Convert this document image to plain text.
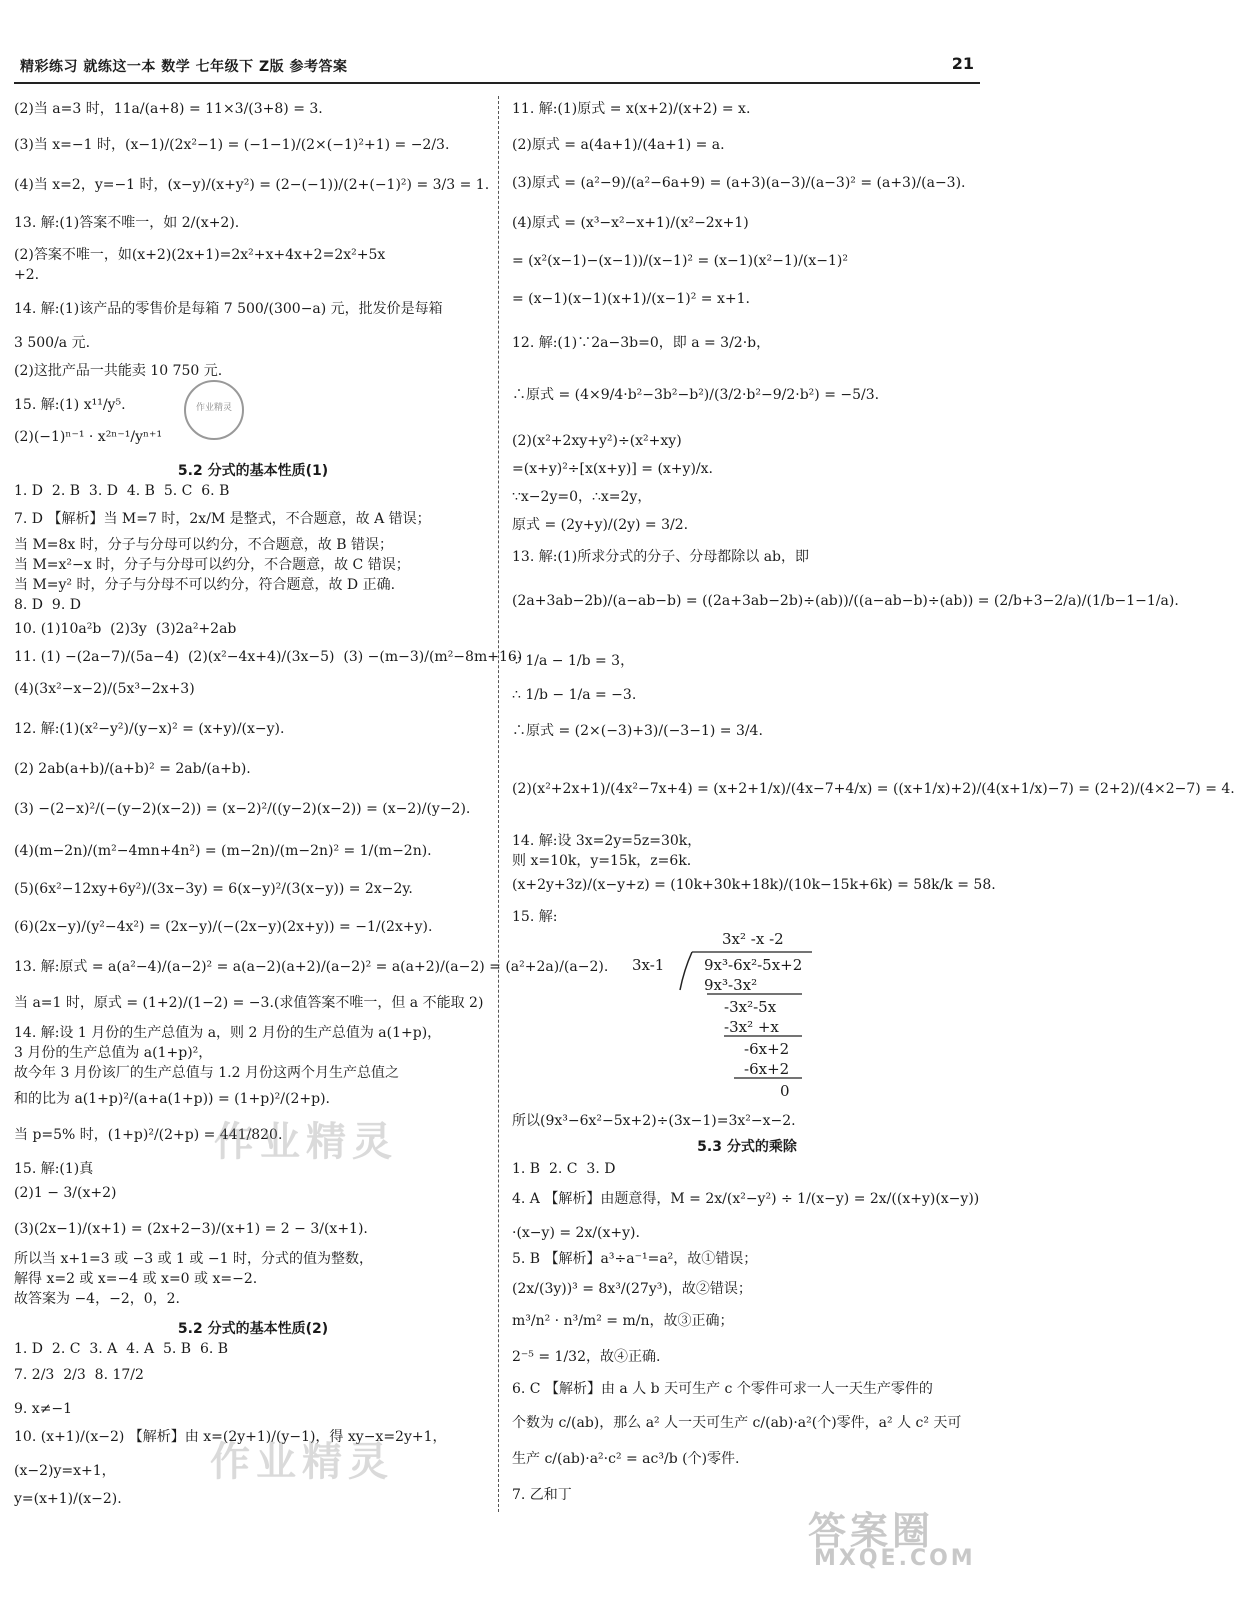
精彩练习 就练这一本 数学 七年级下 Z版 参考答案	21
(2)当 a=3 时，11a/(a+8) = 11×3/(3+8) = 3.
(3)当 x=−1 时，(x−1)/(2x²−1) = (−1−1)/(2×(−1)²+1) = −2/3.
(4)当 x=2，y=−1 时，(x−y)/(x+y²) = (2−(−1))/(2+(−1)²) = 3/3 = 1.
13. 解:(1)答案不唯一，如 2/(x+2).
(2)答案不唯一，如(x+2)(2x+1)=2x²+x+4x+2=2x²+5x
+2.
14. 解:(1)该产品的零售价是每箱 7 500/(300−a) 元，批发价是每箱
3 500/a 元.
(2)这批产品一共能卖 10 750 元.
15. 解:(1) x¹¹/y⁵.
(2)(−1)ⁿ⁻¹ · x²ⁿ⁻¹/yⁿ⁺¹
5.2 分式的基本性质(1)
1. D  2. B  3. D  4. B  5. C  6. B
7. D 【解析】当 M=7 时，2x/M 是整式，不合题意，故 A 错误；
当 M=8x 时，分子与分母可以约分，不合题意，故 B 错误；
当 M=x²−x 时，分子与分母可以约分，不合题意，故 C 错误；
当 M=y² 时，分子与分母不可以约分，符合题意，故 D 正确.
8. D  9. D
10. (1)10a²b  (2)3y  (3)2a²+2ab
11. (1) −(2a−7)/(5a−4)  (2)(x²−4x+4)/(3x−5)  (3) −(m−3)/(m²−8m+16)
(4)(3x²−x−2)/(5x³−2x+3)
12. 解:(1)(x²−y²)/(y−x)² = (x+y)/(x−y).
(2) 2ab(a+b)/(a+b)² = 2ab/(a+b).
(3) −(2−x)²/(−(y−2)(x−2)) = (x−2)²/((y−2)(x−2)) = (x−2)/(y−2).
(4)(m−2n)/(m²−4mn+4n²) = (m−2n)/(m−2n)² = 1/(m−2n).
(5)(6x²−12xy+6y²)/(3x−3y) = 6(x−y)²/(3(x−y)) = 2x−2y.
(6)(2x−y)/(y²−4x²) = (2x−y)/(−(2x−y)(2x+y)) = −1/(2x+y).
13. 解:原式 = a(a²−4)/(a−2)² = a(a−2)(a+2)/(a−2)² = a(a+2)/(a−2) = (a²+2a)/(a−2).
当 a=1 时，原式 = (1+2)/(1−2) = −3.(求值答案不唯一，但 a 不能取 2)
14. 解:设 1 月份的生产总值为 a，则 2 月份的生产总值为 a(1+p)，
3 月份的生产总值为 a(1+p)²，
故今年 3 月份该厂的生产总值与 1.2 月份这两个月生产总值之
和的比为 a(1+p)²/(a+a(1+p)) = (1+p)²/(2+p).
当 p=5% 时，(1+p)²/(2+p) = 441/820.
15. 解:(1)真
(2)1 − 3/(x+2)
(3)(2x−1)/(x+1) = (2x+2−3)/(x+1) = 2 − 3/(x+1).
所以当 x+1=3 或 −3 或 1 或 −1 时，分式的值为整数，
解得 x=2 或 x=−4 或 x=0 或 x=−2.
故答案为 −4，−2，0，2.
5.2 分式的基本性质(2)
1. D  2. C  3. A  4. A  5. B  6. B
7. 2/3  2/3  8. 17/2
9. x≠−1
10. (x+1)/(x−2) 【解析】由 x=(2y+1)/(y−1)，得 xy−x=2y+1，
(x−2)y=x+1，
y=(x+1)/(x−2).
作业精灵
作业精灵
作业精灵
11. 解:(1)原式 = x(x+2)/(x+2) = x.
(2)原式 = a(4a+1)/(4a+1) = a.
(3)原式 = (a²−9)/(a²−6a+9) = (a+3)(a−3)/(a−3)² = (a+3)/(a−3).
(4)原式 = (x³−x²−x+1)/(x²−2x+1)
= (x²(x−1)−(x−1))/(x−1)² = (x−1)(x²−1)/(x−1)²
= (x−1)(x−1)(x+1)/(x−1)² = x+1.
12. 解:(1)∵2a−3b=0，即 a = 3/2·b，
∴原式 = (4×9/4·b²−3b²−b²)/(3/2·b²−9/2·b²) = −5/3.
(2)(x²+2xy+y²)÷(x²+xy)
=(x+y)²÷[x(x+y)] = (x+y)/x.
∵x−2y=0，∴x=2y，
原式 = (2y+y)/(2y) = 3/2.
13. 解:(1)所求分式的分子、分母都除以 ab，即
(2a+3ab−2b)/(a−ab−b) = ((2a+3ab−2b)÷(ab))/((a−ab−b)÷(ab)) = (2/b+3−2/a)/(1/b−1−1/a).
∵ 1/a − 1/b = 3，
∴ 1/b − 1/a = −3.
∴原式 = (2×(−3)+3)/(−3−1) = 3/4.
(2)(x²+2x+1)/(4x²−7x+4) = (x+2+1/x)/(4x−7+4/x) = ((x+1/x)+2)/(4(x+1/x)−7) = (2+2)/(4×2−7) = 4.
14. 解:设 3x=2y=5z=30k，
则 x=10k，y=15k，z=6k.
(x+2y+3z)/(x−y+z) = (10k+30k+18k)/(10k−15k+6k) = 58k/k = 58.
15. 解:
3x² -x -2
3x-1	9x³-6x²-5x+2
9x³-3x²
-3x²-5x
-3x² +x
-6x+2
-6x+2
0
所以(9x³−6x²−5x+2)÷(3x−1)=3x²−x−2.
5.3 分式的乘除
1. B  2. C  3. D
4. A 【解析】由题意得，M = 2x/(x²−y²) ÷ 1/(x−y) = 2x/((x+y)(x−y))
·(x−y) = 2x/(x+y).
5. B 【解析】a³÷a⁻¹=a²，故①错误；
(2x/(3y))³ = 8x³/(27y³)，故②错误；
m³/n² · n³/m² = m/n，故③正确；
2⁻⁵ = 1/32，故④正确.
6. C 【解析】由 a 人 b 天可生产 c 个零件可求一人一天生产零件的
个数为 c/(ab)，那么 a² 人一天可生产 c/(ab)·a²(个)零件，a² 人 c² 天可
生产 c/(ab)·a²·c² = ac³/b (个)零件.
7. 乙和丁
答案圈
MXQE.COM
